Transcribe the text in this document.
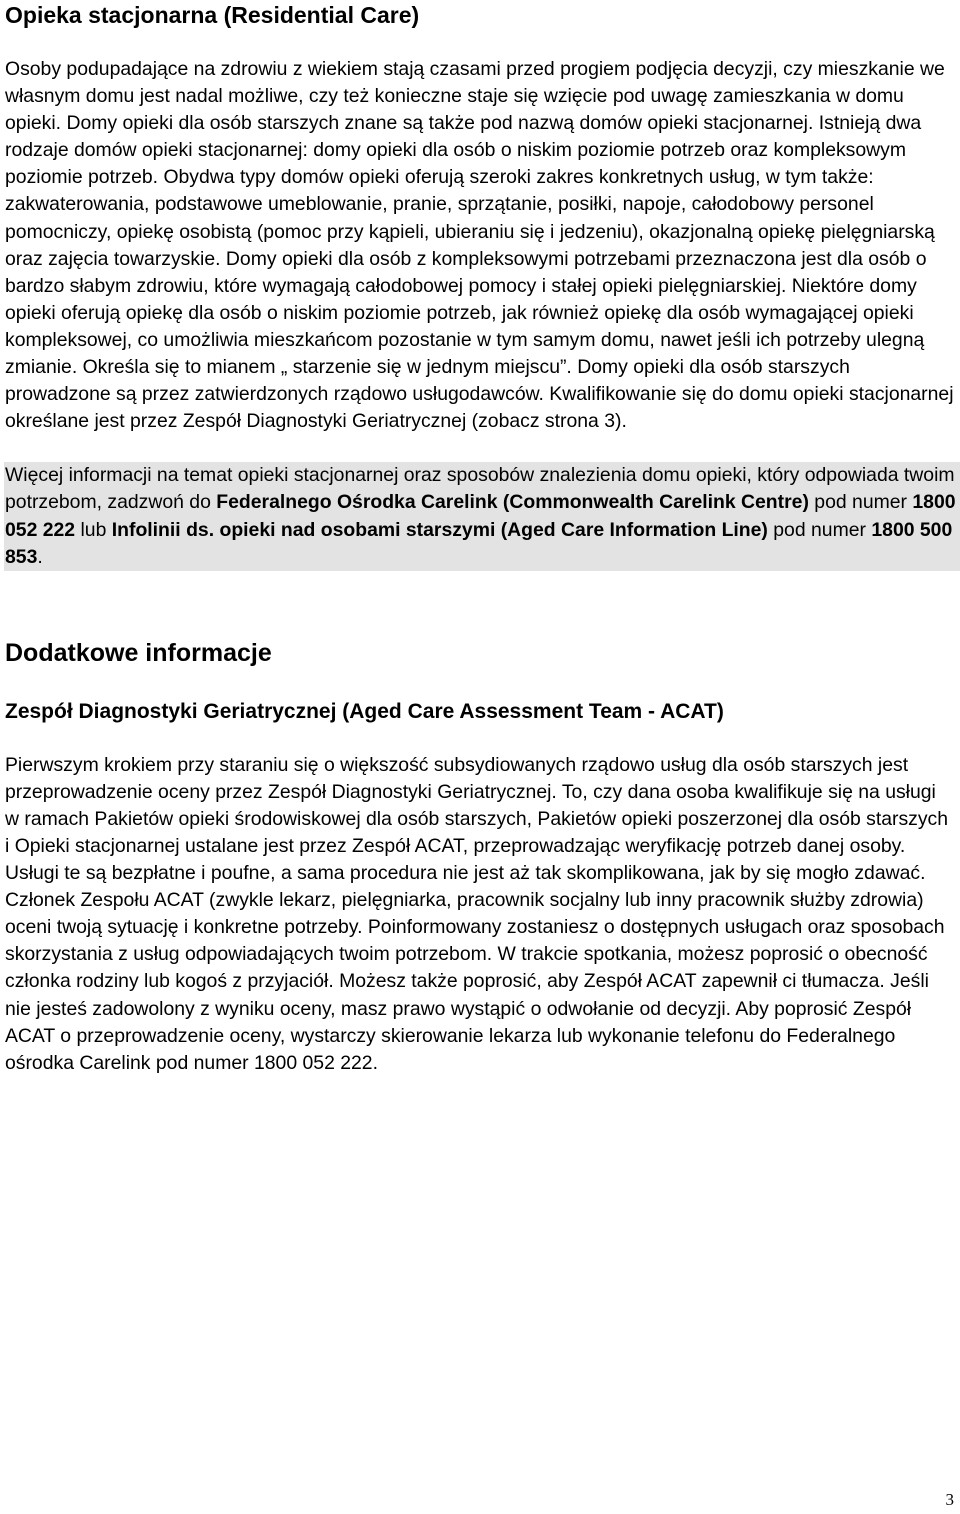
Opieka stacjonarna (Residential Care)

Osoby podupadające na zdrowiu z wiekiem stają czasami przed progiem podjęcia decyzji, czy mieszkanie we własnym domu jest nadal możliwe, czy też konieczne staje się wzięcie pod uwagę zamieszkania w domu opieki. Domy opieki dla osób starszych znane są także pod nazwą domów opieki stacjonarnej. Istnieją dwa rodzaje domów opieki stacjonarnej: domy opieki dla osób o niskim poziomie potrzeb oraz kompleksowym poziomie potrzeb. Obydwa typy domów opieki oferują szeroki zakres konkretnych usług, w tym także: zakwaterowania, podstawowe umeblowanie, pranie, sprzątanie, posiłki, napoje, całodobowy personel pomocniczy, opiekę osobistą (pomoc przy kąpieli, ubieraniu się i jedzeniu), okazjonalną opiekę pielęgniarską oraz zajęcia towarzyskie. Domy opieki dla osób z kompleksowymi potrzebami przeznaczona jest dla osób o bardzo słabym zdrowiu, które wymagają całodobowej pomocy i stałej opieki pielęgniarskiej. Niektóre domy opieki oferują opiekę dla osób o niskim poziomie potrzeb, jak również opiekę dla osób wymagającej opieki kompleksowej, co umożliwia mieszkańcom pozostanie w tym samym domu, nawet jeśli ich potrzeby ulegną zmianie. Określa się to mianem „ starzenie się w jednym miejscu”. Domy opieki dla osób starszych prowadzone są przez zatwierdzonych rządowo usługodawców. Kwalifikowanie się do domu opieki stacjonarnej określane jest przez Zespół Diagnostyki Geriatrycznej (zobacz strona 3).

Więcej informacji na temat opieki stacjonarnej oraz sposobów znalezienia domu opieki, który odpowiada twoim potrzebom, zadzwoń do Federalnego Ośrodka Carelink (Commonwealth Carelink Centre) pod numer 1800 052 222 lub Infolinii ds. opieki nad osobami starszymi (Aged Care Information Line) pod numer 1800 500 853.
Dodatkowe informacje
Zespół Diagnostyki Geriatrycznej (Aged Care Assessment Team - ACAT)

Pierwszym krokiem przy staraniu się o większość subsydiowanych rządowo usług dla osób starszych jest przeprowadzenie oceny przez Zespół Diagnostyki Geriatrycznej. To, czy dana osoba kwalifikuje się na usługi w ramach Pakietów opieki środowiskowej dla osób starszych, Pakietów opieki poszerzonej dla osób starszych i Opieki stacjonarnej ustalane jest przez Zespół ACAT, przeprowadzając weryfikację potrzeb danej osoby. Usługi te są bezpłatne i poufne, a sama procedura nie jest aż tak skomplikowana, jak by się mogło zdawać. Członek Zespołu ACAT (zwykle lekarz, pielęgniarka, pracownik socjalny lub inny pracownik służby zdrowia) oceni twoją sytuację i konkretne potrzeby. Poinformowany zostaniesz o dostępnych usługach oraz sposobach skorzystania z usług odpowiadających twoim potrzebom. W trakcie spotkania, możesz poprosić o obecność członka rodziny lub kogoś z przyjaciół. Możesz także poprosić, aby Zespół ACAT zapewnił ci tłumacza. Jeśli nie jesteś zadowolony z wyniku oceny, masz prawo wystąpić o odwołanie od decyzji. Aby poprosić Zespół ACAT o przeprowadzenie oceny, wystarczy skierowanie lekarza lub wykonanie telefonu do Federalnego ośrodka Carelink pod numer 1800 052 222.

3
